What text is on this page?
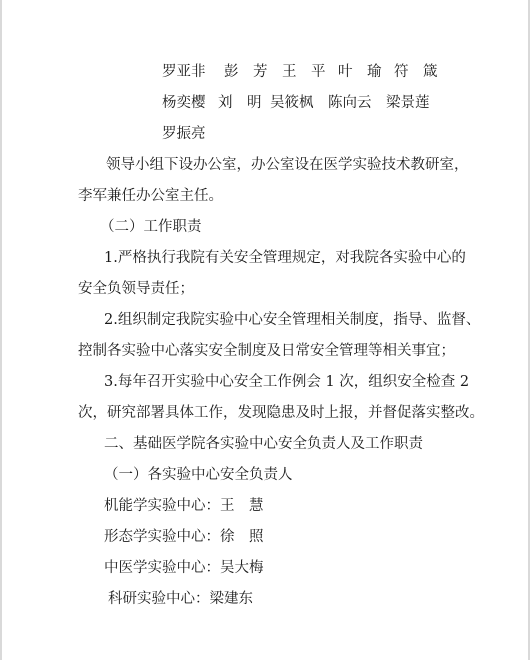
罗亚非 彭　芳 王　平 叶　瑜 符　箴
杨奕樱 刘　明 吴筱枫 陈向云 梁景莲
罗振亮
领导小组下设办公室，办公室设在医学实验技术教研室，
李军兼任办公室主任。
（二）工作职责
1.严格执行我院有关安全管理规定，对我院各实验中心的
安全负领导责任；
2.组织制定我院实验中心安全管理相关制度，指导、监督、
控制各实验中心落实安全制度及日常安全管理等相关事宜；
3.每年召开实验中心安全工作例会 1 次，组织安全检查 2
次，研究部署具体工作，发现隐患及时上报，并督促落实整改。
二、基础医学院各实验中心安全负责人及工作职责
（一）各实验中心安全负责人
机能学实验中心：王　慧
形态学实验中心：徐　照
中医学实验中心：吴大梅
科研实验中心：梁建东
